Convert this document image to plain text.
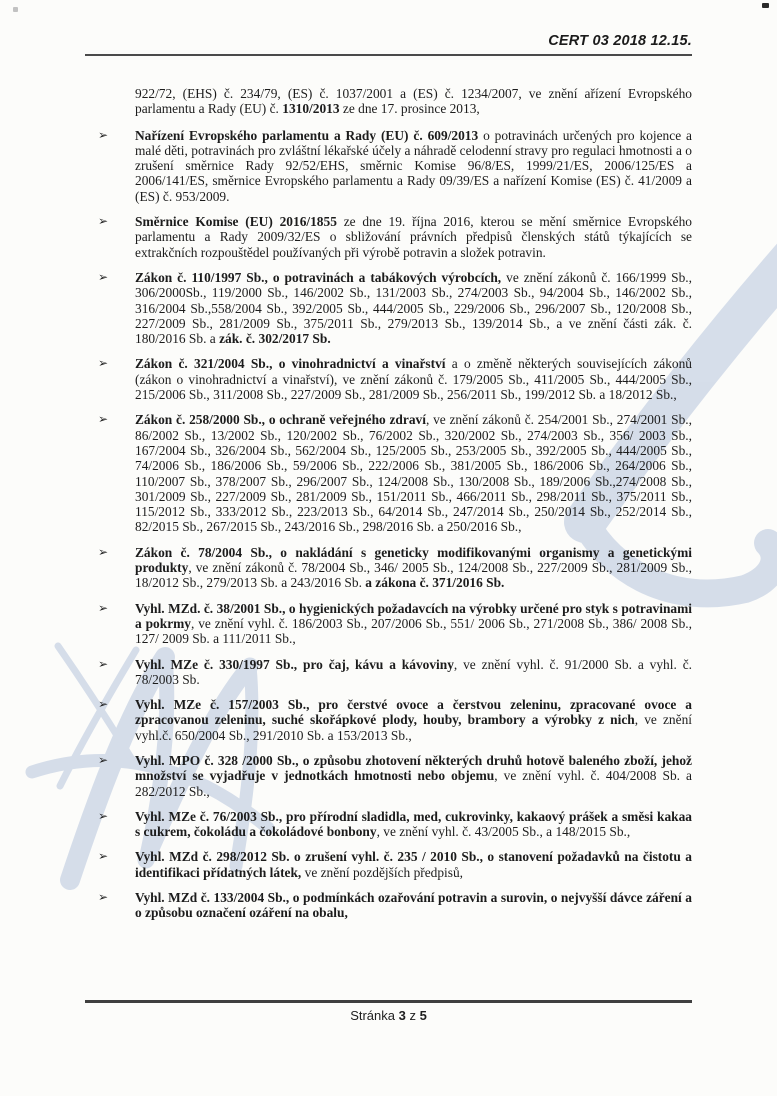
CERT 03 2018 12.15.

922/72, (EHS) č. 234/79, (ES) č. 1037/2001 a (ES) č. 1234/2007, ve znění ařízení Evropského parlamentu a Rady (EU) č. 1310/2013 ze dne 17. prosince 2013,

➢ Nařízení Evropského parlamentu a Rady (EU) č. 609/2013 o potravinách určených pro kojence a malé děti, potravinách pro zvláštní lékařské účely a náhradě celodenní stravy pro regulaci hmotnosti a o zrušení směrnice Rady 92/52/EHS, směrnic Komise 96/8/ES, 1999/21/ES, 2006/125/ES a 2006/141/ES, směrnice Evropského parlamentu a Rady 09/39/ES a nařízení Komise (ES) č. 41/2009 a (ES) č. 953/2009.
➢ Směrnice Komise (EU) 2016/1855 ze dne 19. října 2016, kterou se mění směrnice Evropského parlamentu a Rady 2009/32/ES o sbližování právních předpisů členských států týkajících se extrakčních rozpouštědel používaných při výrobě potravin a složek potravin.
➢ Zákon č. 110/1997 Sb., o potravinách a tabákových výrobcích, ve znění zákonů č. 166/1999 Sb., 306/2000Sb., 119/2000 Sb., 146/2002 Sb., 131/2003 Sb., 274/2003 Sb., 94/2004 Sb., 146/2002 Sb., 316/2004 Sb.,558/2004 Sb., 392/2005 Sb., 444/2005 Sb., 229/2006 Sb., 296/2007 Sb., 120/2008 Sb., 227/2009 Sb., 281/2009 Sb., 375/2011 Sb., 279/2013 Sb., 139/2014 Sb., a ve znění části zák. č. 180/2016 Sb. a zák. č. 302/2017 Sb.
➢ Zákon č. 321/2004 Sb., o vinohradnictví a vinařství a o změně některých souvisejících zákonů (zákon o vinohradnictví a vinařství), ve znění zákonů č. 179/2005 Sb., 411/2005 Sb., 444/2005 Sb., 215/2006 Sb., 311/2008 Sb., 227/2009 Sb., 281/2009 Sb., 256/2011 Sb., 199/2012 Sb. a 18/2012 Sb.,
➢ Zákon č. 258/2000 Sb., o ochraně veřejného zdraví, ve znění zákonů č. 254/2001 Sb., 274/2001 Sb., 86/2002 Sb., 13/2002 Sb., 120/2002 Sb., 76/2002 Sb., 320/2002 Sb., 274/2003 Sb., 356/ 2003 Sb., 167/2004 Sb., 326/2004 Sb., 562/2004 Sb., 125/2005 Sb., 253/2005 Sb., 392/2005 Sb., 444/2005 Sb., 74/2006 Sb., 186/2006 Sb., 59/2006 Sb., 222/2006 Sb., 381/2005 Sb., 186/2006 Sb., 264/2006 Sb., 110/2007 Sb., 378/2007 Sb., 296/2007 Sb., 124/2008 Sb., 130/2008 Sb., 189/2006 Sb.,274/2008 Sb., 301/2009 Sb., 227/2009 Sb., 281/2009 Sb., 151/2011 Sb., 466/2011 Sb., 298/2011 Sb., 375/2011 Sb., 115/2012 Sb., 333/2012 Sb., 223/2013 Sb., 64/2014 Sb., 247/2014 Sb., 250/2014 Sb., 252/2014 Sb., 82/2015 Sb., 267/2015 Sb., 243/2016 Sb., 298/2016 Sb. a 250/2016 Sb.,
➢ Zákon č. 78/2004 Sb., o nakládání s geneticky modifikovanými organismy a genetickými produkty, ve znění zákonů č. 78/2004 Sb., 346/ 2005 Sb., 124/2008 Sb., 227/2009 Sb., 281/2009 Sb., 18/2012 Sb., 279/2013 Sb. a 243/2016 Sb. a zákona č. 371/2016 Sb.
➢ Vyhl. MZd. č. 38/2001 Sb., o hygienických požadavcích na výrobky určené pro styk s potravinami a pokrmy, ve znění vyhl. č. 186/2003 Sb., 207/2006 Sb., 551/ 2006 Sb., 271/2008 Sb., 386/ 2008 Sb., 127/ 2009 Sb. a 111/2011 Sb.,
➢ Vyhl. MZe č. 330/1997 Sb., pro čaj, kávu a kávoviny, ve znění vyhl. č. 91/2000 Sb. a vyhl. č. 78/2003 Sb.
➢ Vyhl. MZe č. 157/2003 Sb., pro čerstvé ovoce a čerstvou zeleninu, zpracované ovoce a zpracovanou zeleninu, suché skořápkové plody, houby, brambory a výrobky z nich, ve znění vyhl.č. 650/2004 Sb., 291/2010 Sb. a 153/2013 Sb.,
➢ Vyhl. MPO č. 328 /2000 Sb., o způsobu zhotovení některých druhů hotově baleného zboží, jehož množství se vyjadřuje v jednotkách hmotnosti nebo objemu, ve znění vyhl. č. 404/2008 Sb. a 282/2012 Sb.,
➢ Vyhl. MZe č. 76/2003 Sb., pro přírodní sladidla, med, cukrovinky, kakaový prášek a směsi kakaa s cukrem, čokoládu a čokoládové bonbony, ve znění vyhl. č. 43/2005 Sb., a 148/2015 Sb.,
➢ Vyhl. MZd č. 298/2012 Sb. o zrušení vyhl. č. 235 / 2010 Sb., o stanovení požadavků na čistotu a identifikaci přídatných látek, ve znění pozdějších předpisů,
➢ Vyhl. MZd č. 133/2004 Sb., o podmínkách ozařování potravin a surovin, o nejvyšší dávce záření a o způsobu označení ozáření na obalu,
Stránka 3 z 5
